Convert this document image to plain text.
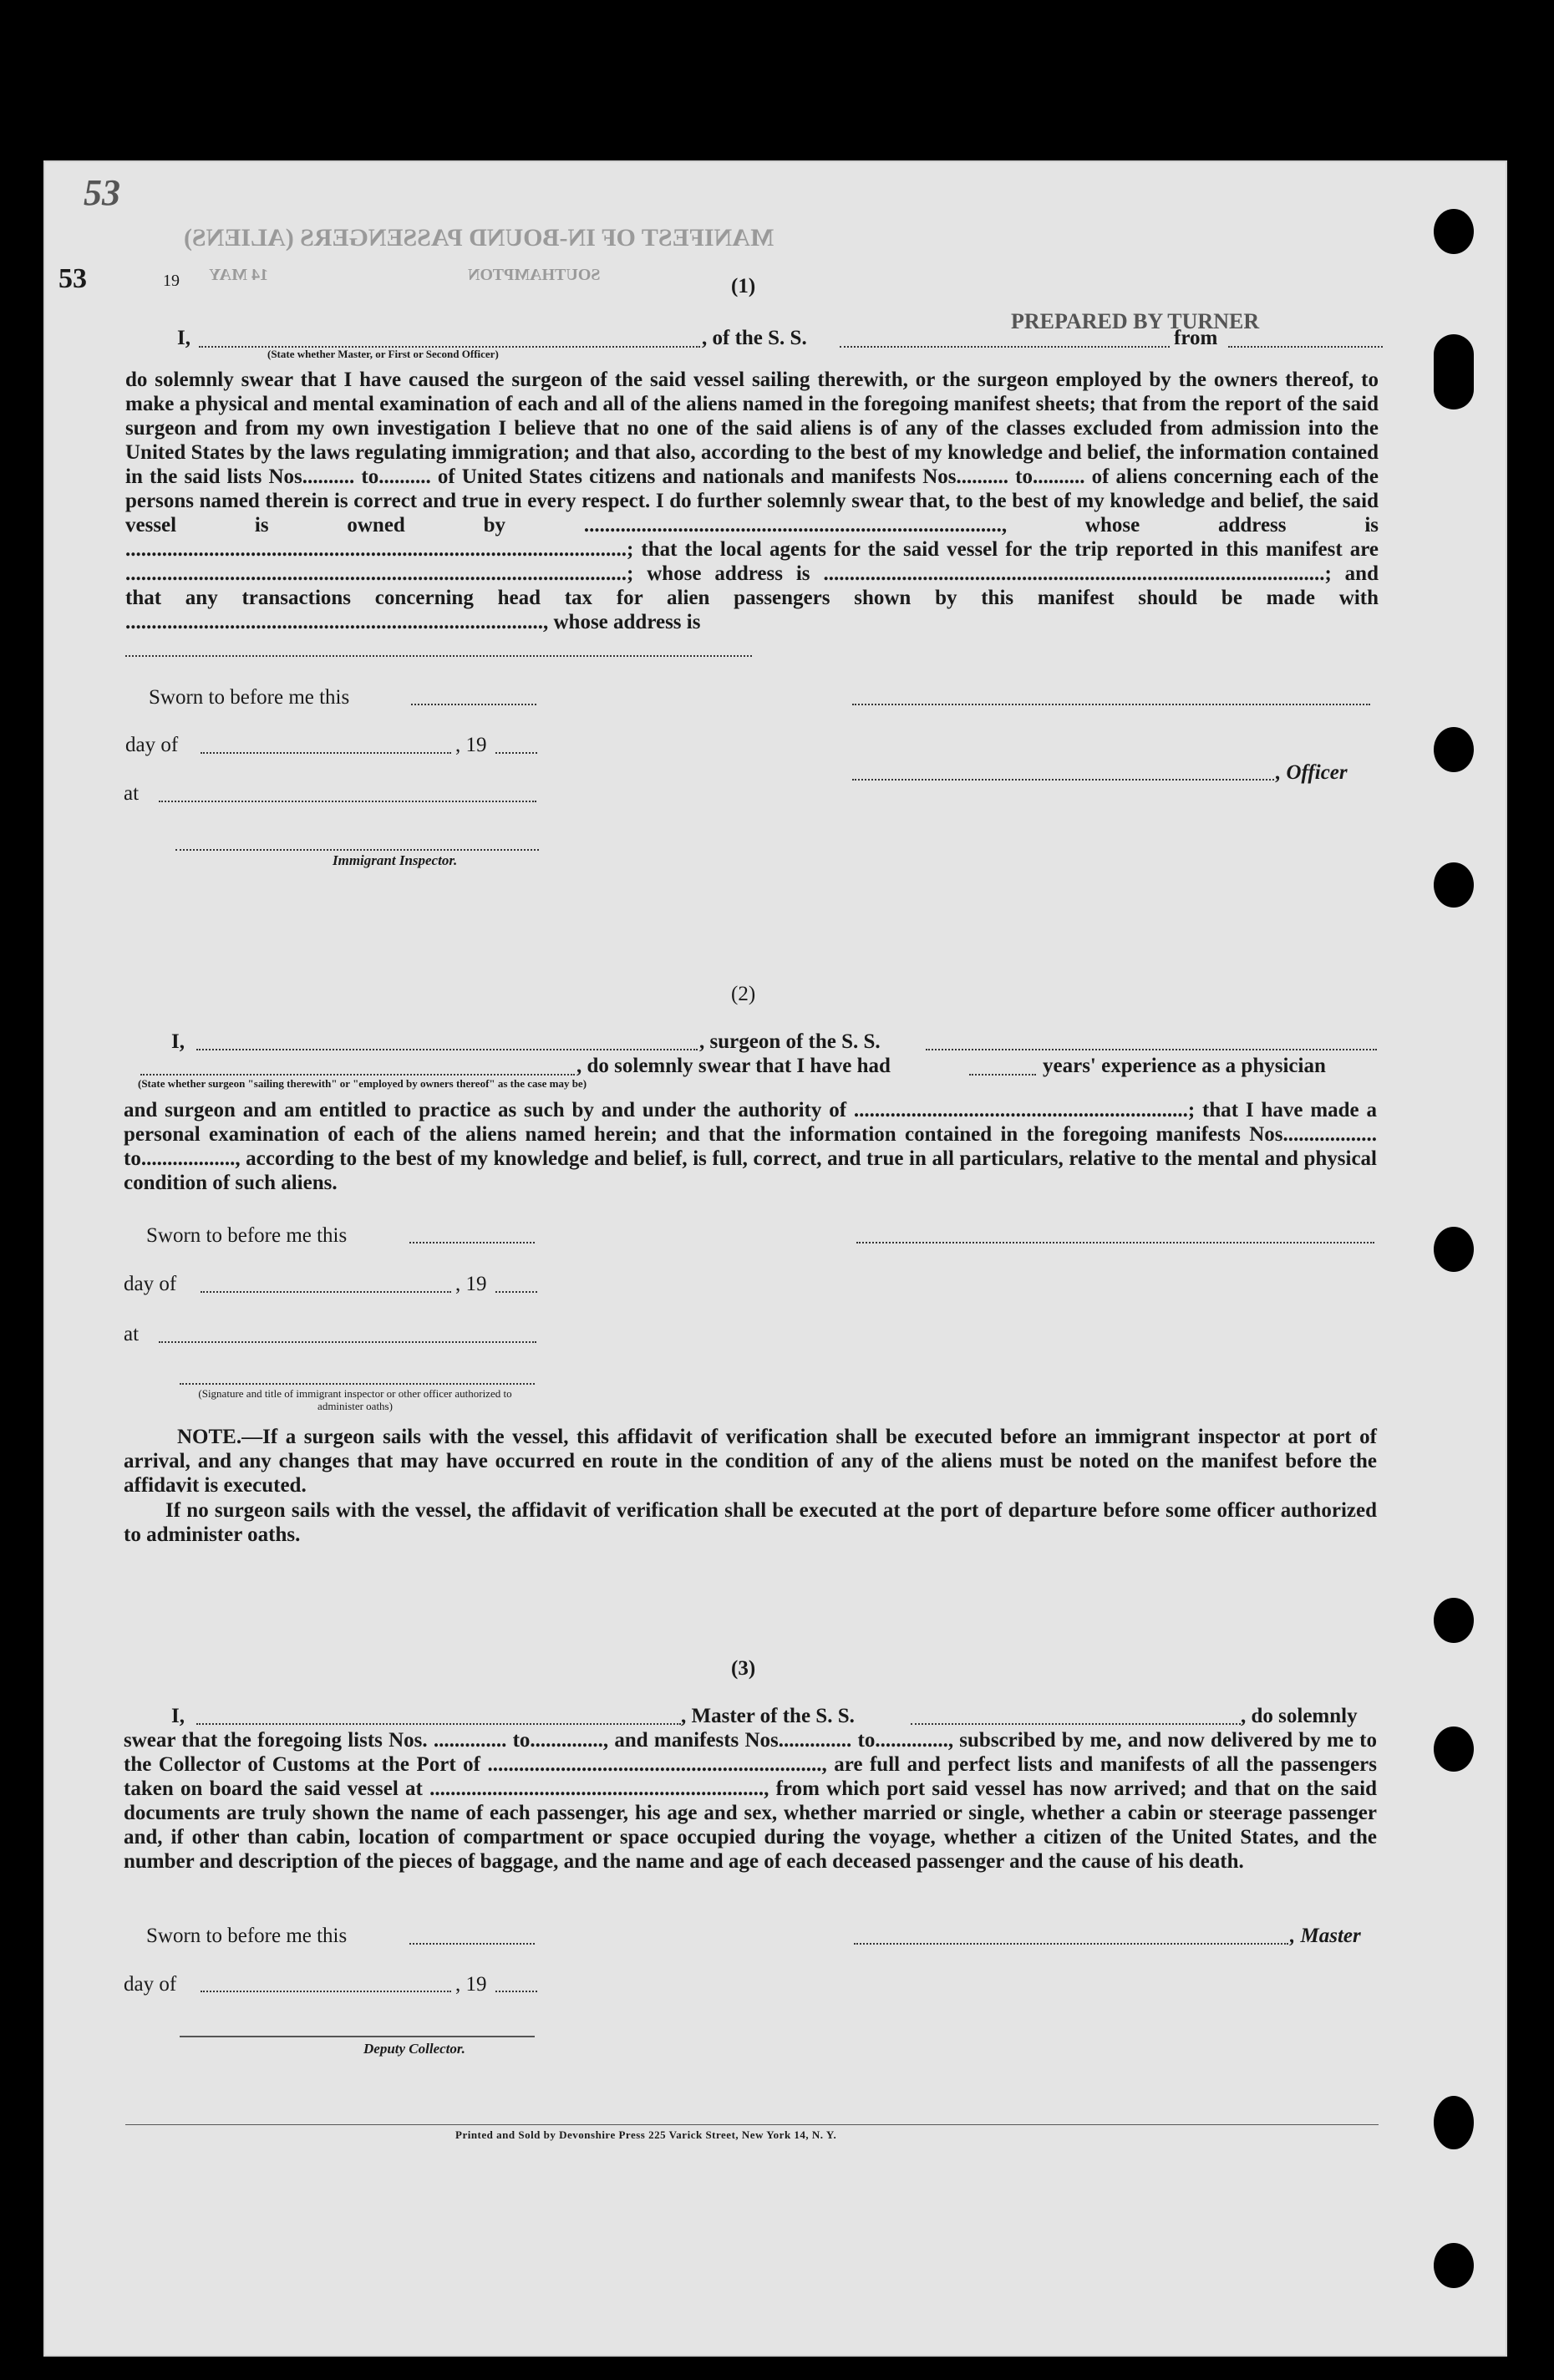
53
MANIFEST OF IN-BOUND PASSENGERS (ALIENS)
SOUTHAMPTON
14 MAY
53	19
PREPARED BY TURNER
(1)
I,	, of the S. S.	from
(State whether Master, or First or Second Officer)
do solemnly swear that I have caused the surgeon of the said vessel sailing therewith, or the surgeon employed by the owners thereof, to make a physical and mental examination of each and all of the aliens named in the foregoing manifest sheets; that from the report of the said surgeon and from my own investigation I believe that no one of the said aliens is of any of the classes excluded from admission into the United States by the laws regulating immigration; and that also, according to the best of my knowledge and belief, the information contained in the said lists Nos.......... to.......... of United States citizens and nationals and manifests Nos.......... to.......... of aliens concerning each of the persons named therein is correct and true in every respect. I do further solemnly swear that, to the best of my knowledge and belief, the said vessel is owned by ................................................................................, whose address is ................................................................................................; that the local agents for the said vessel for the trip reported in this manifest are ................................................................................................; whose address is ................................................................................................; and that any transactions concerning head tax for alien passengers shown by this manifest should be made with ................................................................................, whose address is
Sworn to before me this
day of	, 19
, Officer
at
Immigrant Inspector.
(2)
I,	, surgeon of the S. S.
, do solemnly swear that I have had	years' experience as a physician
(State whether surgeon "sailing therewith" or "employed by owners thereof" as the case may be)
and surgeon and am entitled to practice as such by and under the authority of ................................................................; that I have made a personal examination of each of the aliens named herein; and that the information contained in the foregoing manifests Nos.................. to.................., according to the best of my knowledge and belief, is full, correct, and true in all particulars, relative to the mental and physical condition of such aliens.
Sworn to before me this
day of	, 19
at
(Signature and title of immigrant inspector or other officer authorized to administer oaths)
NOTE.—If a surgeon sails with the vessel, this affidavit of verification shall be executed before an immigrant inspector at port of arrival, and any changes that may have occurred en route in the condition of any of the aliens must be noted on the manifest before the affidavit is executed.
If no surgeon sails with the vessel, the affidavit of verification shall be executed at the port of departure before some officer authorized to administer oaths.
(3)
I,	, Master of the S. S.	, do solemnly
swear that the foregoing lists Nos. .............. to.............., and manifests Nos.............. to.............., subscribed by me, and now delivered by me to the Collector of Customs at the Port of ................................................................, are full and perfect lists and manifests of all the passengers taken on board the said vessel at ................................................................, from which port said vessel has now arrived; and that on the said documents are truly shown the name of each passenger, his age and sex, whether married or single, whether a cabin or steerage passenger and, if other than cabin, location of compartment or space occupied during the voyage, whether a citizen of the United States, and the number and description of the pieces of baggage, and the name and age of each deceased passenger and the cause of his death.
Sworn to before me this	, Master
day of	, 19
Deputy Collector.
Printed and Sold by Devonshire Press 225 Varick Street, New York 14, N. Y.
